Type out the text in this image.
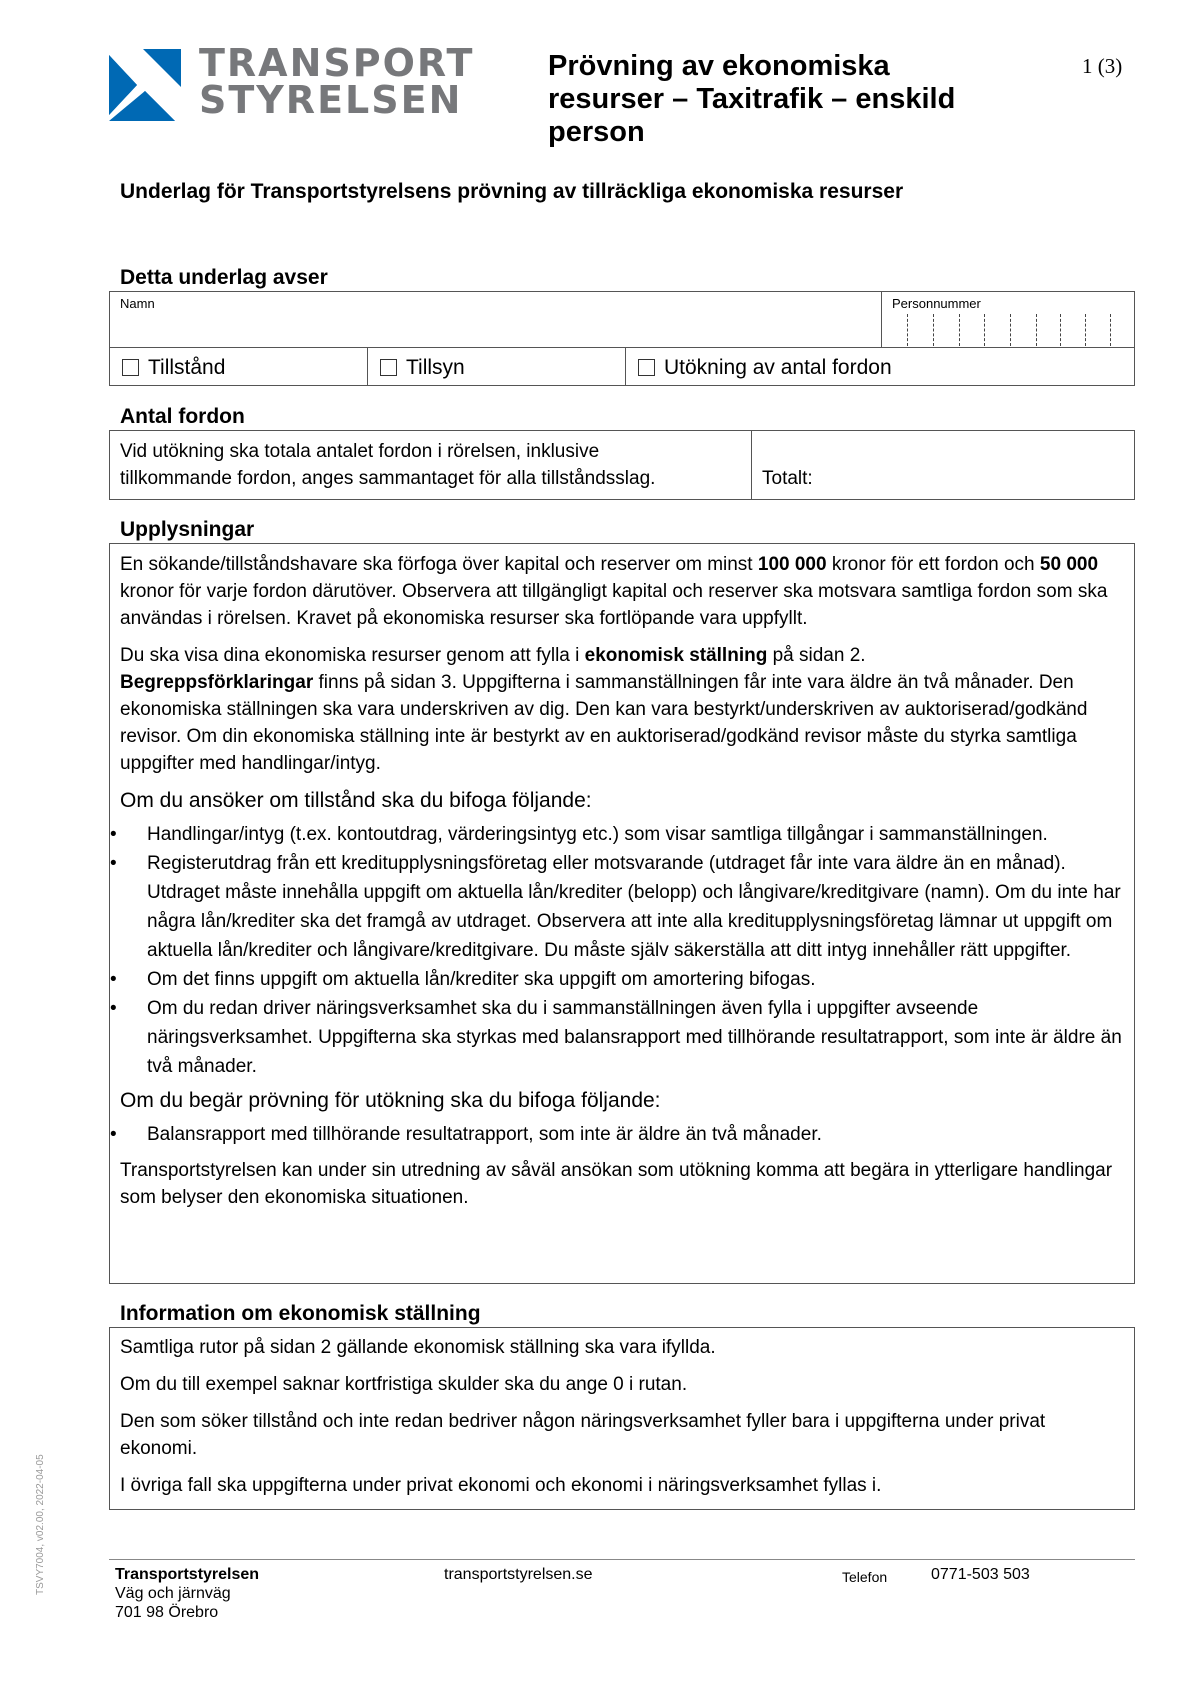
TRANSPORT
STYRELSEN
Prövning av ekonomiska resurser – Taxitrafik – enskild person
1 (3)
Underlag för Transportstyrelsens prövning av tillräckliga ekonomiska resurser
Detta underlag avser
Namn	Personnummer
Tillstånd	Tillsyn	Utökning av antal fordon
Antal fordon
Vid utökning ska totala antalet fordon i rörelsen, inklusive
tillkommande fordon, anges sammantaget för alla tillståndsslag.	Totalt:
Upplysningar

En sökande/tillståndshavare ska förfoga över kapital och reserver om minst 100 000 kronor för ett fordon och 50 000 kronor för varje fordon därutöver. Observera att tillgängligt kapital och reserver ska motsvara samtliga fordon som ska användas i rörelsen. Kravet på ekonomiska resurser ska fortlöpande vara uppfyllt.

Du ska visa dina ekonomiska resurser genom att fylla i ekonomisk ställning på sidan 2.
Begreppsförklaringar finns på sidan 3. Uppgifterna i sammanställningen får inte vara äldre än två månader. Den ekonomiska ställningen ska vara underskriven av dig. Den kan vara bestyrkt/underskriven av auktoriserad/godkänd revisor. Om din ekonomiska ställning inte är bestyrkt av en auktoriserad/godkänd revisor måste du styrka samtliga uppgifter med handlingar/intyg.

Om du ansöker om tillstånd ska du bifoga följande:
• Handlingar/intyg (t.ex. kontoutdrag, värderingsintyg etc.) som visar samtliga tillgångar i sammanställningen.
• Registerutdrag från ett kreditupplysningsföretag eller motsvarande (utdraget får inte vara äldre än en månad). Utdraget måste innehålla uppgift om aktuella lån/krediter (belopp) och långivare/kreditgivare (namn). Om du inte har några lån/krediter ska det framgå av utdraget. Observera att inte alla kreditupplysningsföretag lämnar ut uppgift om aktuella lån/krediter och långivare/kreditgivare. Du måste själv säkerställa att ditt intyg innehåller rätt uppgifter.
• Om det finns uppgift om aktuella lån/krediter ska uppgift om amortering bifogas.
• Om du redan driver näringsverksamhet ska du i sammanställningen även fylla i uppgifter avseende näringsverksamhet. Uppgifterna ska styrkas med balansrapport med tillhörande resultatrapport, som inte är äldre än två månader.
Om du begär prövning för utökning ska du bifoga följande:
• Balansrapport med tillhörande resultatrapport, som inte är äldre än två månader.

Transportstyrelsen kan under sin utredning av såväl ansökan som utökning komma att begära in ytterligare handlingar som belyser den ekonomiska situationen.

Information om ekonomisk ställning

Samtliga rutor på sidan 2 gällande ekonomisk ställning ska vara ifyllda.

Om du till exempel saknar kortfristiga skulder ska du ange 0 i rutan.

Den som söker tillstånd och inte redan bedriver någon näringsverksamhet fyller bara i uppgifterna under privat ekonomi.

I övriga fall ska uppgifterna under privat ekonomi och ekonomi i näringsverksamhet fyllas i.

Transportstyrelsen
Väg och järnväg
701 98 Örebro
transportstyrelsen.se	Telefon	0771-503 503
TSVY7004, v02.00, 2022-04-05
